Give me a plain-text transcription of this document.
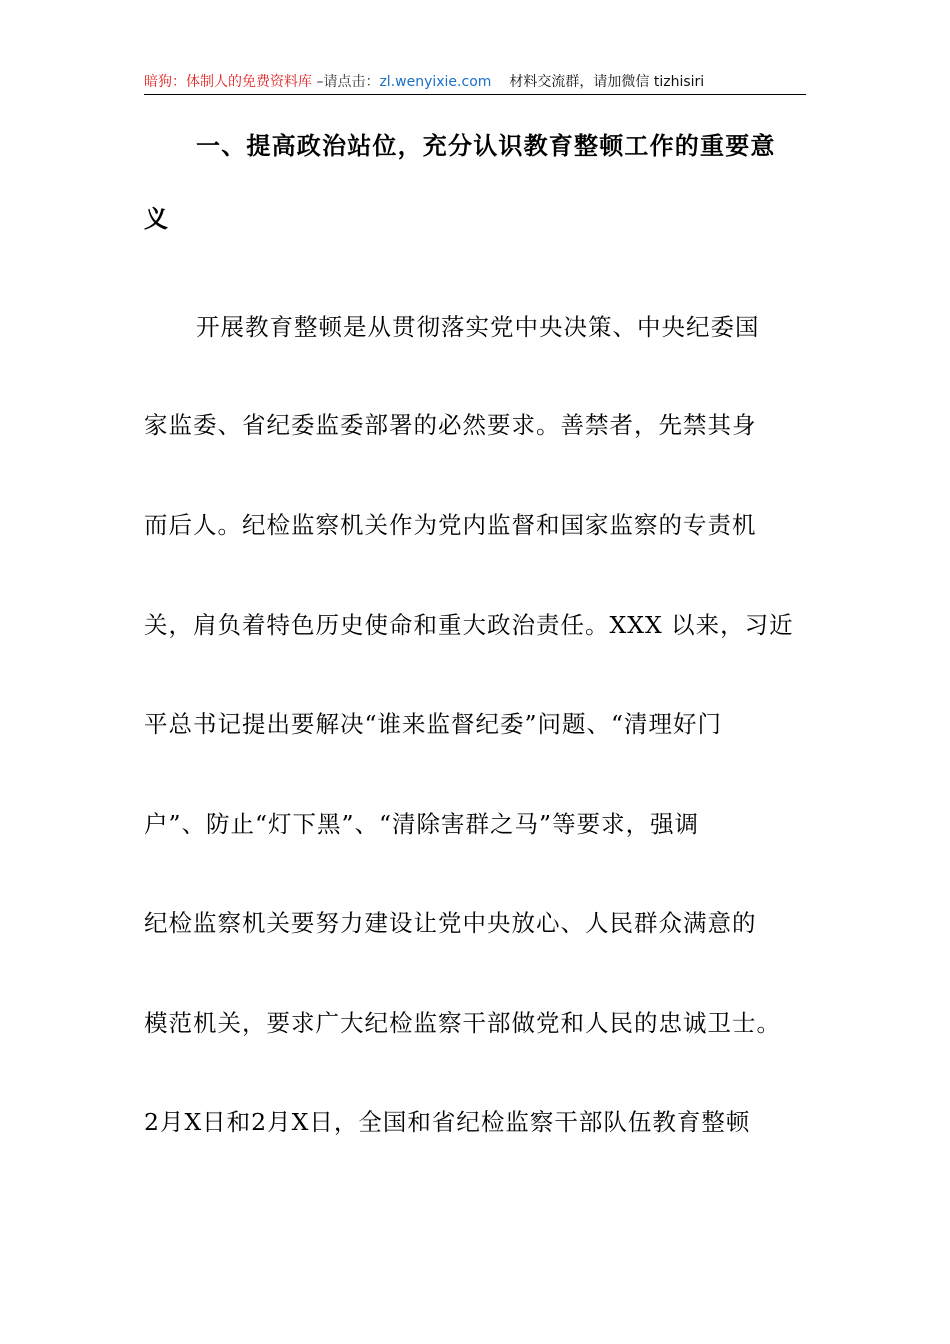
暗狗：体制人的免费资料库 –请点击：zl.wenyixie.com 材料交流群，请加微信 tizhisiri
一、提高政治站位，充分认识教育整顿工作的重要意
义
开展教育整顿是从贯彻落实党中央决策、中央纪委国
家监委、省纪委监委部署的必然要求。善禁者，先禁其身
而后人。纪检监察机关作为党内监督和国家监察的专责机
关，肩负着特色历史使命和重大政治责任。XXX 以来，习近
平总书记提出要解决“谁来监督纪委”问题、“清理好门
户”、防止“灯下黑”、“清除害群之马”等要求，强调
纪检监察机关要努力建设让党中央放心、人民群众满意的
模范机关，要求广大纪检监察干部做党和人民的忠诚卫士。
2月X日和2月X日，全国和省纪检监察干部队伍教育整顿
